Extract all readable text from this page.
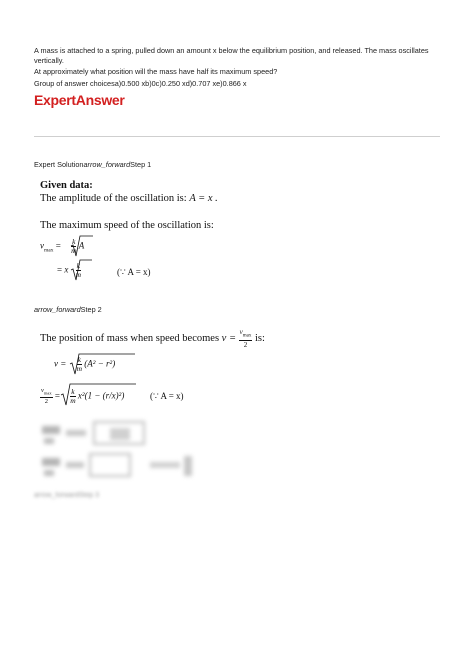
A mass is attached to a spring, pulled down an amount x below the equilibrium position, and released. The mass oscillates vertically.
At approximately what position will the mass have half its maximum speed?
Group of answer choicesa)0.500 xb)0c)0.250 xd)0.707 xe)0.866 x
ExpertAnswer
Expert Solutionarrow_forwardStep 1
Given data:
The amplitude of the oscillation is: A = x .
The maximum speed of the oscillation is:
$v_{max} = \frac{k}{m}$ A
= x $\frac{k}{m}$	(∵ A = x)
arrow_forwardStep 2
The position of mass when speed becomes $v = \frac{v_{max}}{2}$ is:
$v = \frac{k}{m} (A^2 - r^2)$
$\frac{v_{max}}{2} = \frac{k}{m} x^2(1 - (r/x)^2)$	(∵ A = x)
arrow_forwardStep 3
